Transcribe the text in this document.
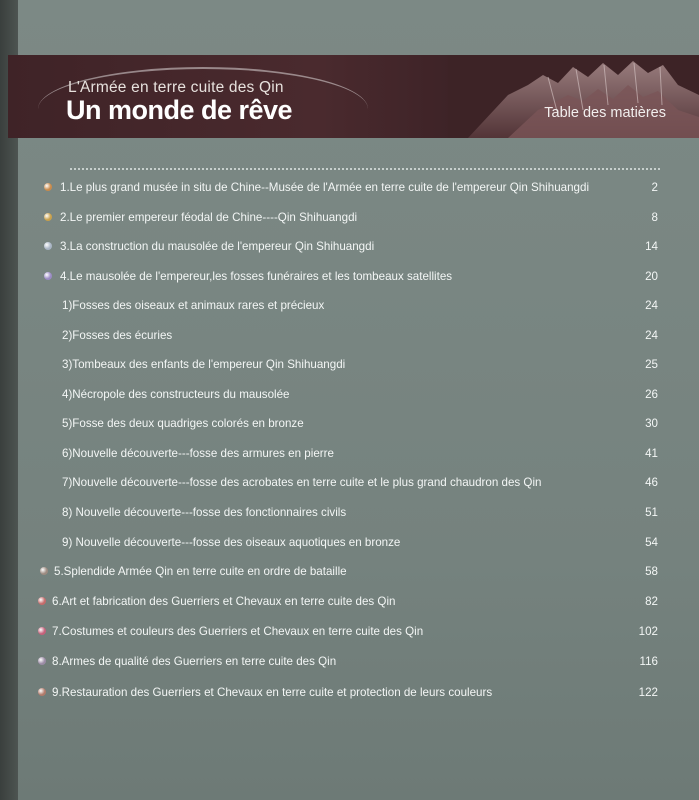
L'Armée en terre cuite des Qin
Un monde de rêve	Table des matières
1.Le plus grand musée in situ de Chine--Musée de l'Armée en terre cuite de l'empereur Qin Shihuangdi	2
2.Le premier empereur féodal de Chine----Qin Shihuangdi	8
3.La construction du mausolée de l'empereur Qin Shihuangdi	14
4.Le mausolée de l'empereur,les fosses funéraires et les tombeaux satellites	20
1)Fosses des oiseaux et animaux rares et précieux	24
2)Fosses des écuries	24
3)Tombeaux des enfants de l'empereur Qin Shihuangdi	25
4)Nécropole des constructeurs du mausolée	26
5)Fosse des deux quadriges colorés en bronze	30
6)Nouvelle découverte---fosse des armures en pierre	41
7)Nouvelle découverte---fosse des acrobates en terre cuite et le plus grand chaudron des Qin	46
8) Nouvelle découverte---fosse des fonctionnaires civils	51
9) Nouvelle découverte---fosse des oiseaux aquotiques en bronze	54
5.Splendide Armée Qin en terre cuite en ordre de bataille	58
6.Art et fabrication des Guerriers et Chevaux en terre cuite des Qin	82
7.Costumes et couleurs des Guerriers et Chevaux en terre cuite des Qin	102
8.Armes de qualité des Guerriers en terre cuite des Qin	116
9.Restauration des Guerriers et Chevaux en terre cuite et protection de leurs couleurs	122
